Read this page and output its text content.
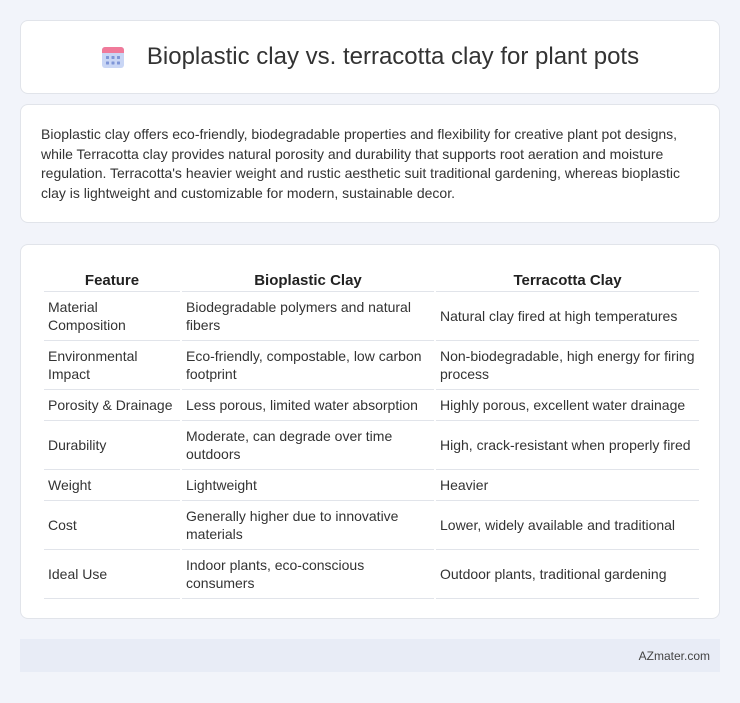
Bioplastic clay vs. terracotta clay for plant pots

Bioplastic clay offers eco-friendly, biodegradable properties and flexibility for creative plant pot designs, while Terracotta clay provides natural porosity and durability that supports root aeration and moisture regulation. Terracotta's heavier weight and rustic aesthetic suit traditional gardening, whereas bioplastic clay is lightweight and customizable for modern, sustainable decor.

Feature	Bioplastic Clay	Terracotta Clay
Material Composition	Biodegradable polymers and natural fibers	Natural clay fired at high temperatures
Environmental Impact	Eco-friendly, compostable, low carbon footprint	Non-biodegradable, high energy for firing process
Porosity & Drainage	Less porous, limited water absorption	Highly porous, excellent water drainage
Durability	Moderate, can degrade over time outdoors	High, crack-resistant when properly fired
Weight	Lightweight	Heavier
Cost	Generally higher due to innovative materials	Lower, widely available and traditional
Ideal Use	Indoor plants, eco-conscious consumers	Outdoor plants, traditional gardening
AZmater.com
